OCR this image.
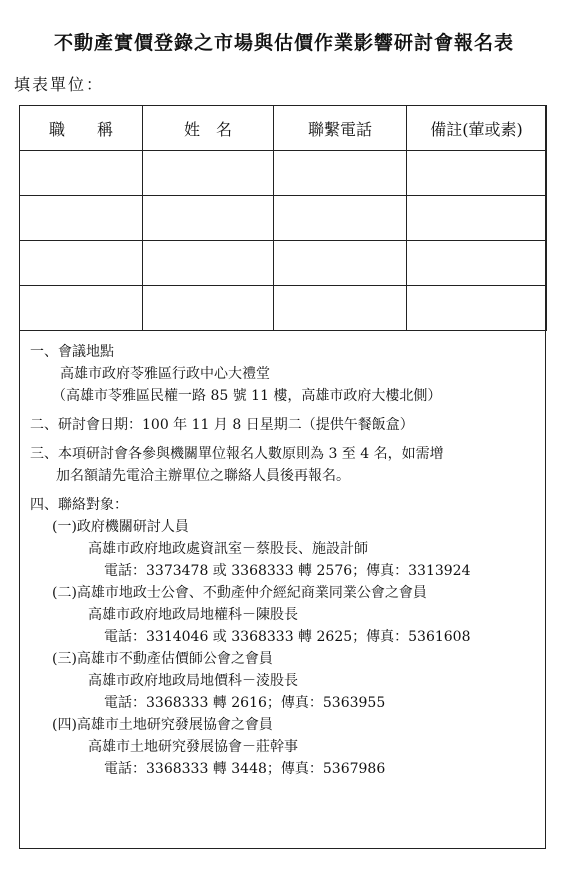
不動產實價登錄之市場與估價作業影響研討會報名表
填表單位：
職　　稱	姓　名	聯繫電話	備註(葷或素)

一、會議地點
高雄市政府苓雅區行政中心大禮堂
（高雄市苓雅區民權一路 85 號 11 樓，高雄市政府大樓北側）
二、研討會日期：100 年 11 月 8 日星期二（提供午餐飯盒）
三、本項研討會各參與機關單位報名人數原則為 3 至 4 名，如需增
加名額請先電洽主辦單位之聯絡人員後再報名。
四、聯絡對象：
(一)政府機關研討人員
高雄市政府地政處資訊室－蔡股長、施設計師
電話：3373478 或 3368333 轉 2576；傳真：3313924
(二)高雄市地政士公會、不動產仲介經紀商業同業公會之會員
高雄市政府地政局地權科－陳股長
電話：3314046 或 3368333 轉 2625；傳真：5361608
(三)高雄市不動產估價師公會之會員
高雄市政府地政局地價科－淩股長
電話：3368333 轉 2616；傳真：5363955
(四)高雄市土地研究發展協會之會員
高雄市土地研究發展協會－莊幹事
電話：3368333 轉 3448；傳真：5367986
